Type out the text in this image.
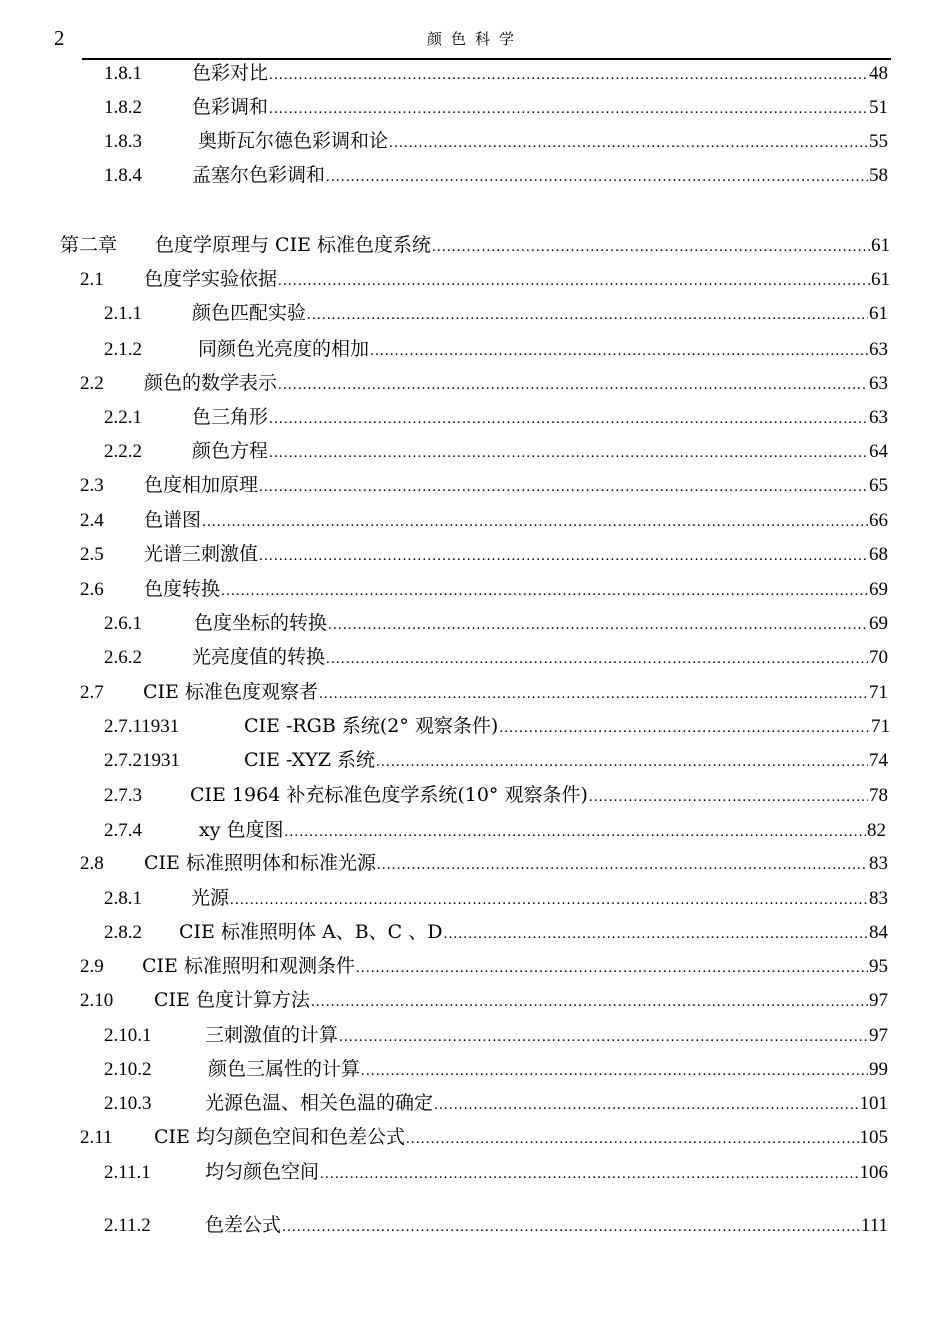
2	颜色科学
1.8.1	色彩对比 .....	48
1.8.2	色彩调和 .....	51
1.8.3	奥斯瓦尔德色彩调和论 .....	55
1.8.4	孟塞尔色彩调和 .....	58
第二章	色度学原理与 CIE 标准色度系统 .....	61
2.1	色度学实验依据 .....	61
2.1.1	颜色匹配实验 .....	61
2.1.2	同颜色光亮度的相加 .....	63
2.2	颜色的数学表示 .....	63
2.2.1	色三角形 .....	63
2.2.2	颜色方程 .....	64
2.3	色度相加原理 .....	65
2.4	色谱图 .....	66
2.5	光谱三刺激值 .....	68
2.6	色度转换 .....	69
2.6.1	色度坐标的转换 .....	69
2.6.2	光亮度值的转换 .....	70
2.7	CIE 标准色度观察者 .....	71
2.7.11931	CIE -RGB 系统(2° 观察条件) .....	71
2.7.21931	CIE -XYZ 系统 .....	74
2.7.3	CIE 1964 补充标准色度学系统(10° 观察条件) .....	78
2.7.4	xy 色度图 .....	82
2.8	CIE 标准照明体和标准光源 .....	83
2.8.1	光源 .....	83
2.8.2	CIE 标准照明体 A、B、C 、D .....	84
2.9	CIE 标准照明和观测条件 .....	95
2.10	CIE 色度计算方法 .....	97
2.10.1	三刺激值的计算 .....	97
2.10.2	颜色三属性的计算 .....	99
2.10.3	光源色温、相关色温的确定 .....	101
2.11	CIE 均匀颜色空间和色差公式 .....	105
2.11.1	均匀颜色空间 .....	106
2.11.2	色差公式 .....	111
